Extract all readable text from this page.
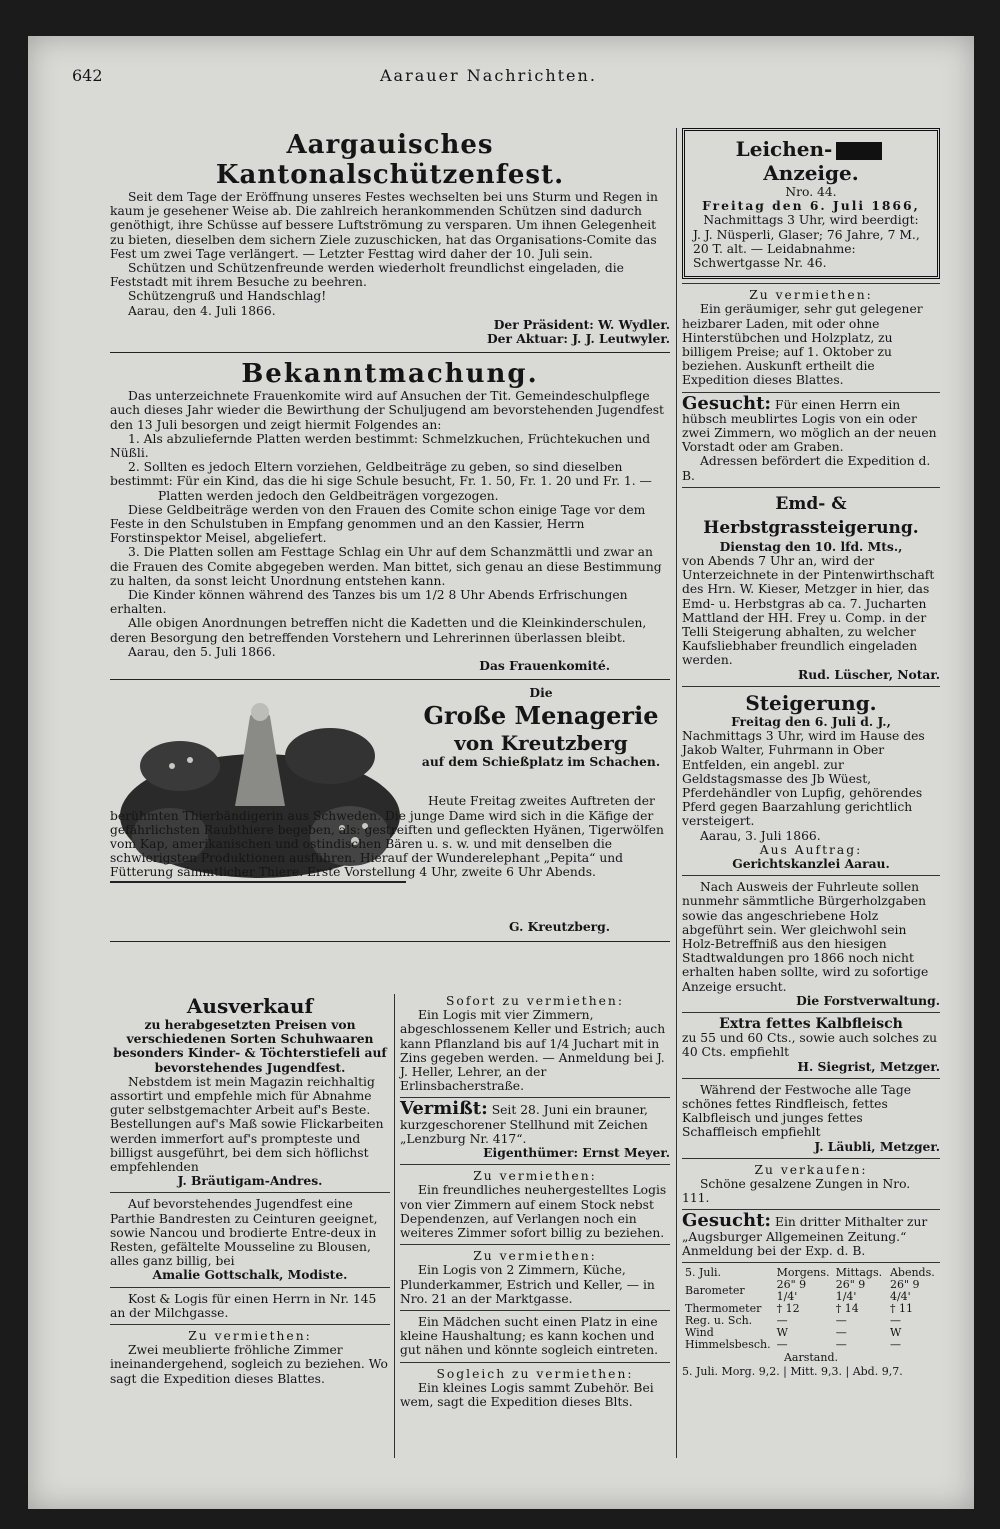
642	Aarauer Nachrichten.

Aargauisches Kantonalschützenfest.

Seit dem Tage der Eröffnung unseres Festes wechselten bei uns Sturm und Regen in kaum je gesehener Weise ab. Die zahlreich herankommenden Schützen sind dadurch genöthigt, ihre Schüsse auf bessere Luftströmung zu versparen. Um ihnen Gelegenheit zu bieten, dieselben dem sichern Ziele zuzuschicken, hat das Organisations-Comite das Fest um zwei Tage verlängert. — Letzter Festtag wird daher der 10. Juli sein.

Schützen und Schützenfreunde werden wiederholt freundlichst eingeladen, die Feststadt mit ihrem Besuche zu beehren.

Schützengruß und Handschlag!

Aarau, den 4. Juli 1866.

Der Präsident: W. Wydler.

Der Aktuar: J. J. Leutwyler.

Bekanntmachung.

Das unterzeichnete Frauenkomite wird auf Ansuchen der Tit. Gemeindeschulpflege auch dieses Jahr wieder die Bewirthung der Schuljugend am bevorstehenden Jugendfest den 13 Juli besorgen und zeigt hiermit Folgendes an:

1. Als abzuliefernde Platten werden bestimmt: Schmelzkuchen, Früchtekuchen und Nüßli.

2. Sollten es jedoch Eltern vorziehen, Geldbeiträge zu geben, so sind dieselben bestimmt: Für ein Kind, das die hi sige Schule besucht, Fr. 1. 50, Fr. 1. 20 und Fr. 1. —

Platten werden jedoch den Geldbeiträgen vorgezogen.

Diese Geldbeiträge werden von den Frauen des Comite schon einige Tage vor dem Feste in den Schulstuben in Empfang genommen und an den Kassier, Herrn Forstinspektor Meisel, abgeliefert.

3. Die Platten sollen am Festtage Schlag ein Uhr auf dem Schanzmättli und zwar an die Frauen des Comite abgegeben werden. Man bittet, sich genau an diese Bestimmung zu halten, da sonst leicht Unordnung entstehen kann.

Die Kinder können während des Tanzes bis um 1/2 8 Uhr Abends Erfrischungen erhalten.

Alle obigen Anordnungen betreffen nicht die Kadetten und die Kleinkinderschulen, deren Besorgung den betreffenden Vorstehern und Lehrerinnen überlassen bleibt.

Aarau, den 5. Juli 1866.

Das Frauenkomité.

Die

Große Menagerie

von Kreutzberg

auf dem Schießplatz im Schachen.

Heute Freitag zweites Auftreten der berühmten Thierbändigerin aus Schweden. Die junge Dame wird sich in die Käfige der gefährlichsten Raubthiere begeben, als: gestreiften und gefleckten Hyänen, Tigerwölfen vom Kap, amerikanischen und ostindischen Bären u. s. w. und mit denselben die schwierigsten Produktionen ausführen. Hierauf der Wunderelephant „Pepita“ und Fütterung sämmtlicher Thiere. Erste Vorstellung 4 Uhr, zweite 6 Uhr Abends.

G. Kreutzberg.

Ausverkauf

zu herabgesetzten Preisen von verschiedenen Sorten Schuhwaaren besonders Kinder- & Töchterstiefeli auf bevorstehendes Jugendfest.

Nebstdem ist mein Magazin reichhaltig assortirt und empfehle mich für Abnahme guter selbstgemachter Arbeit auf's Beste. Bestellungen auf's Maß sowie Flickarbeiten werden immerfort auf's prompteste und billigst ausgeführt, bei dem sich höflichst empfehlenden

J. Bräutigam-Andres.

Auf bevorstehendes Jugendfest eine Parthie Bandresten zu Ceinturen geeignet, sowie Nancou und brodierte Entre-deux in Resten, gefältelte Mousseline zu Blousen, alles ganz billig, bei

Amalie Gottschalk, Modiste.

Kost & Logis für einen Herrn in Nr. 145 an der Milchgasse.

Zu vermiethen:

Zwei meublierte fröhliche Zimmer ineinandergehend, sogleich zu beziehen. Wo sagt die Expedition dieses Blattes.

Sofort zu vermiethen:

Ein Logis mit vier Zimmern, abgeschlossenem Keller und Estrich; auch kann Pflanzland bis auf 1/4 Juchart mit in Zins gegeben werden. — Anmeldung bei J. J. Heller, Lehrer, an der Erlinsbacherstraße.

Vermißt: Seit 28. Juni ein brauner, kurzgeschorener Stellhund mit Zeichen „Lenzburg Nr. 417“.

Eigenthümer: Ernst Meyer.

Zu vermiethen:

Ein freundliches neuhergestelltes Logis von vier Zimmern auf einem Stock nebst Dependenzen, auf Verlangen noch ein weiteres Zimmer sofort billig zu beziehen.

Zu vermiethen:

Ein Logis von 2 Zimmern, Küche, Plunderkammer, Estrich und Keller, — in Nro. 21 an der Marktgasse.

Ein Mädchen sucht einen Platz in eine kleine Haushaltung; es kann kochen und gut nähen und könnte sogleich eintreten.

Sogleich zu vermiethen:

Ein kleines Logis sammt Zubehör. Bei wem, sagt die Expedition dieses Blts.

Leichen-Anzeige.

Nro. 44.

Freitag den 6. Juli 1866,

Nachmittags 3 Uhr, wird beerdigt:

J. J. Nüsperli, Glaser; 76 Jahre, 7 M., 20 T. alt. — Leidabnahme: Schwertgasse Nr. 46.

Zu vermiethen:

Ein geräumiger, sehr gut gelegener heizbarer Laden, mit oder ohne Hinterstübchen und Holzplatz, zu billigem Preise; auf 1. Oktober zu beziehen. Auskunft ertheilt die Expedition dieses Blattes.

Gesucht: Für einen Herrn ein hübsch meublirtes Logis von ein oder zwei Zimmern, wo möglich an der neuen Vorstadt oder am Graben.

Adressen befördert die Expedition d. B.

Emd- & Herbstgrassteigerung.

Dienstag den 10. lfd. Mts.,

von Abends 7 Uhr an, wird der Unterzeichnete in der Pintenwirthschaft des Hrn. W. Kieser, Metzger in hier, das Emd- u. Herbstgras ab ca. 7. Jucharten Mattland der HH. Frey u. Comp. in der Telli Steigerung abhalten, zu welcher Kaufsliebhaber freundlich eingeladen werden.

Rud. Lüscher, Notar.

Steigerung.

Freitag den 6. Juli d. J.,

Nachmittags 3 Uhr, wird im Hause des Jakob Walter, Fuhrmann in Ober Entfelden, ein angebl. zur Geldstagsmasse des Jb Wüest, Pferdehändler von Lupfig, gehörendes Pferd gegen Baarzahlung gerichtlich versteigert.

Aarau, 3. Juli 1866.

Aus Auftrag:

Gerichtskanzlei Aarau.

Nach Ausweis der Fuhrleute sollen nunmehr sämmtliche Bürgerholzgaben sowie das angeschriebene Holz abgeführt sein. Wer gleichwohl sein Holz-Betreffniß aus den hiesigen Stadtwaldungen pro 1866 noch nicht erhalten haben sollte, wird zu sofortige Anzeige ersucht.

Die Forstverwaltung.

Extra fettes Kalbfleisch

zu 55 und 60 Cts., sowie auch solches zu 40 Cts. empfiehlt

H. Siegrist, Metzger.

Während der Festwoche alle Tage schönes fettes Rindfleisch, fettes Kalbfleisch und junges fettes Schaffleisch empfiehlt

J. Läubli, Metzger.

Zu verkaufen:

Schöne gesalzene Zungen in Nro. 111.

Gesucht: Ein dritter Mithalter zur „Augsburger Allgemeinen Zeitung.“ Anmeldung bei der Exp. d. B.

5. Juli.	Morgens.	Mittags.	Abends.
Barometer	26" 9 1/4'	26" 9 1/4'	26" 9 4/4'
Thermometer	† 12	† 14	† 11
Reg. u. Sch.	—	—	—
Wind	W	—	W
Himmelsbesch.	—	—	—

Aarstand.

5. Juli. Morg. 9,2. | Mitt. 9,3. | Abd. 9,7.
